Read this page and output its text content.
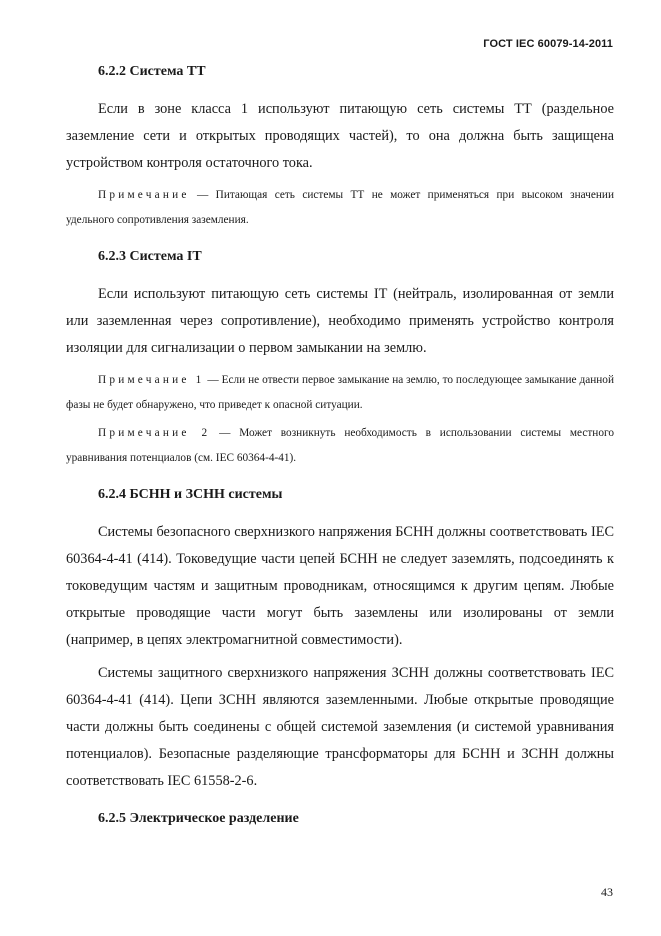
ГОСТ IEC 60079-14-2011
6.2.2 Система ТТ

Если в зоне класса 1 используют питающую сеть системы ТТ (раздельное заземление сети и открытых проводящих частей), то она должна быть защищена устройством контроля остаточного тока.

Примечание — Питающая сеть системы ТТ не может применяться при высоком значении удельного сопротивления заземления.

6.2.3 Система IT

Если используют питающую сеть системы IT (нейтраль, изолированная от земли или заземленная через сопротивление), необходимо применять устройство контроля изоляции для сигнализации о первом замыкании на землю.

Примечание 1 — Если не отвести первое замыкание на землю, то последующее замыкание данной фазы не будет обнаружено, что приведет к опасной ситуации.

Примечание 2 — Может возникнуть необходимость в использовании системы местного уравнивания потенциалов (см. IEC 60364-4-41).

6.2.4 БСНН и ЗСНН системы

Системы безопасного сверхнизкого напряжения БСНН должны соответствовать IEC 60364-4-41 (414). Токоведущие части цепей БСНН не следует заземлять, подсоединять к токоведущим частям и защитным проводникам, относящимся к другим цепям. Любые открытые проводящие части могут быть заземлены или изолированы от земли (например, в цепях электромагнитной совместимости).

Системы защитного сверхнизкого напряжения ЗСНН должны соответствовать IEC 60364-4-41 (414). Цепи ЗСНН являются заземленными. Любые открытые проводящие части должны быть соединены с общей системой заземления (и системой уравнивания потенциалов). Безопасные разделяющие трансформаторы для БСНН и ЗСНН должны соответствовать IEC 61558-2-6.

6.2.5 Электрическое разделение
43
